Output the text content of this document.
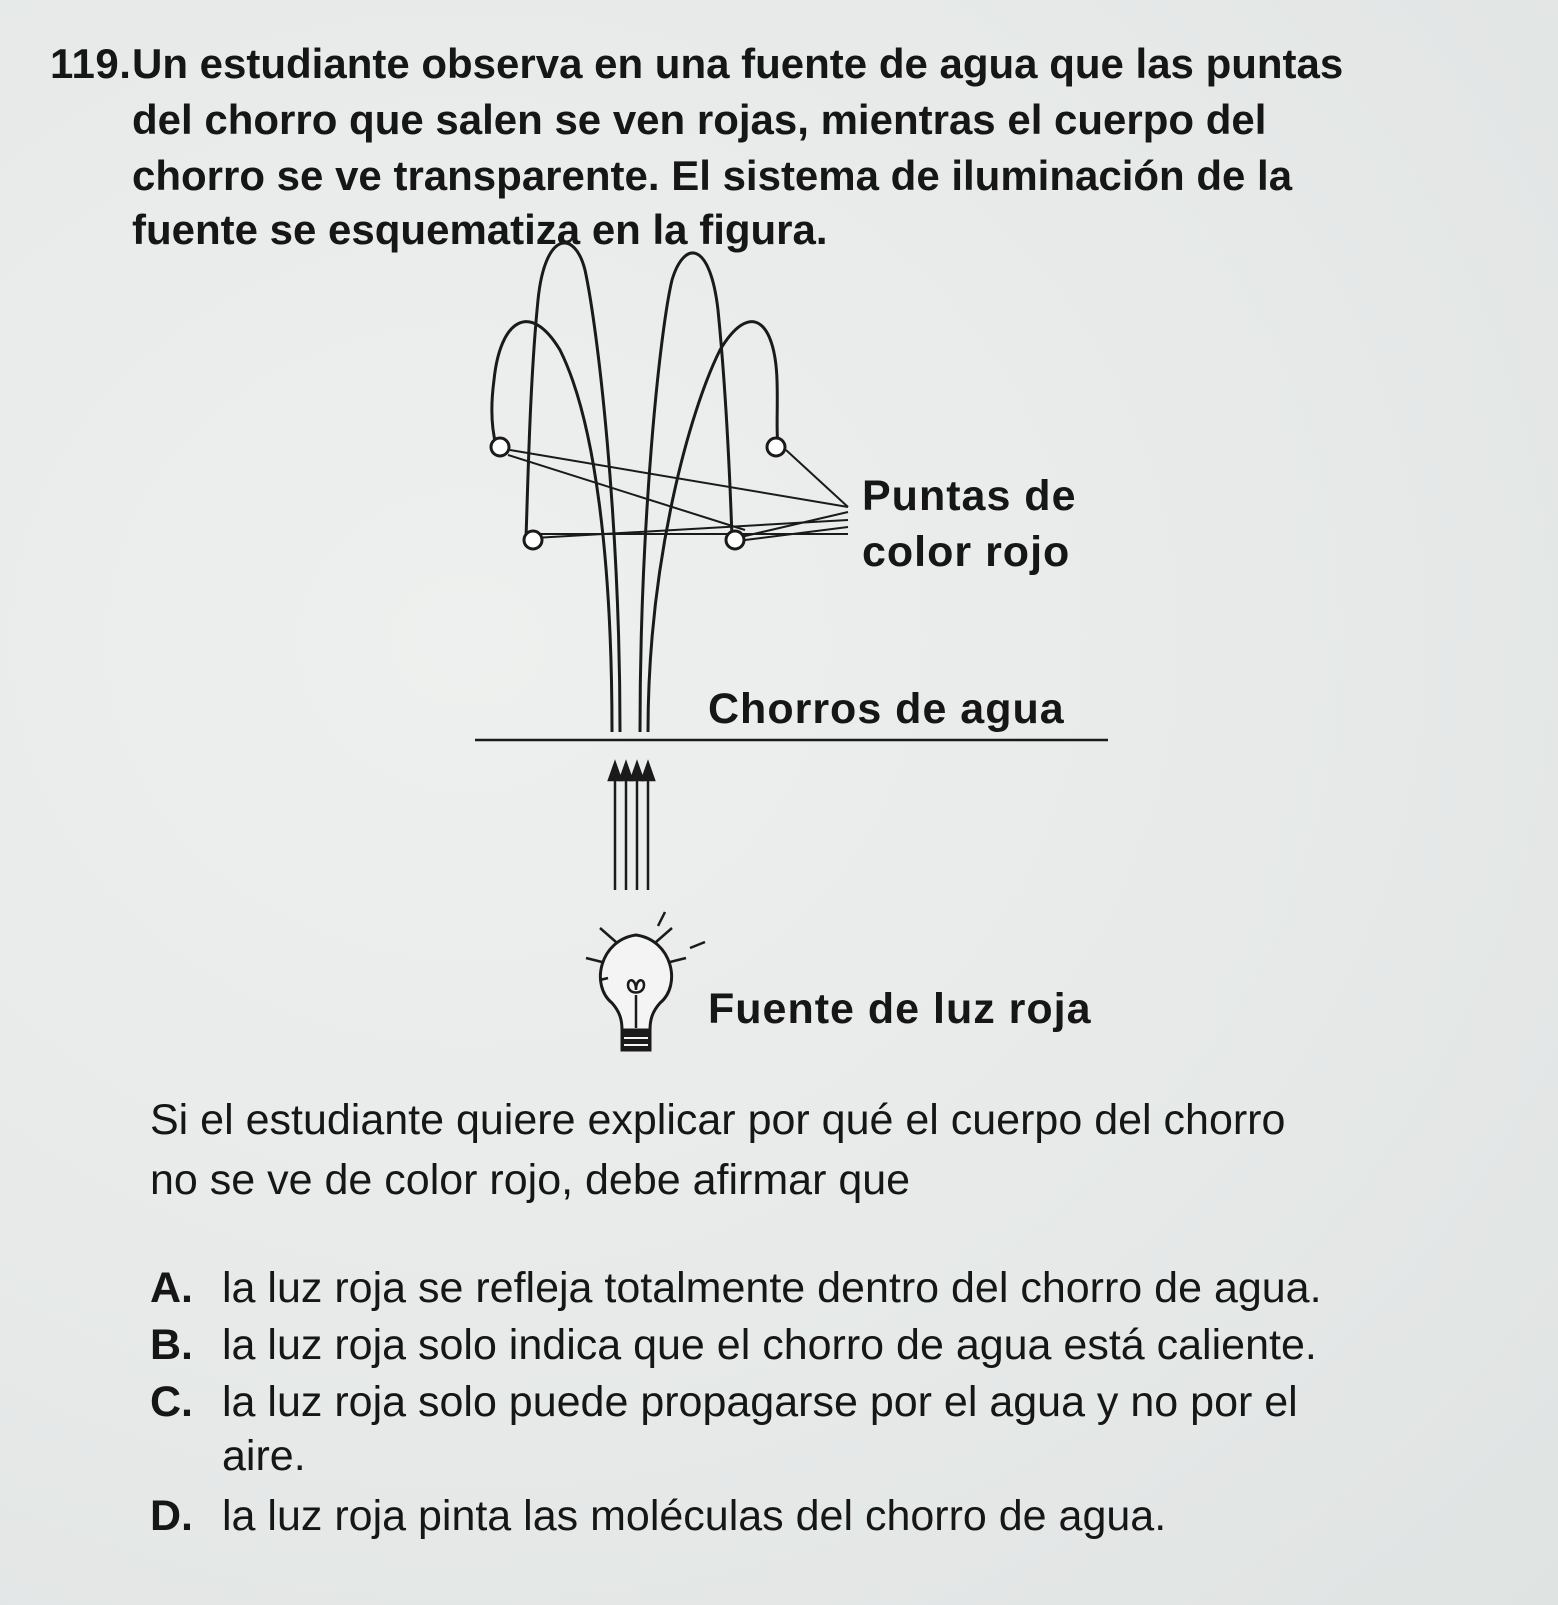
119. Un estudiante observa en una fuente de agua que las puntas
del chorro que salen se ven rojas, mientras el cuerpo del
chorro se ve transparente. El sistema de iluminación de la
fuente se esquematiza en la figura.
Puntas de
color rojo
Chorros de agua
Fuente de luz roja
Si el estudiante quiere explicar por qué el cuerpo del chorro
no se ve de color rojo, debe afirmar que
A. la luz roja se refleja totalmente dentro del chorro de agua.
B. la luz roja solo indica que el chorro de agua está caliente.
C. la luz roja solo puede propagarse por el agua y no por el
aire.
D. la luz roja pinta las moléculas del chorro de agua.
